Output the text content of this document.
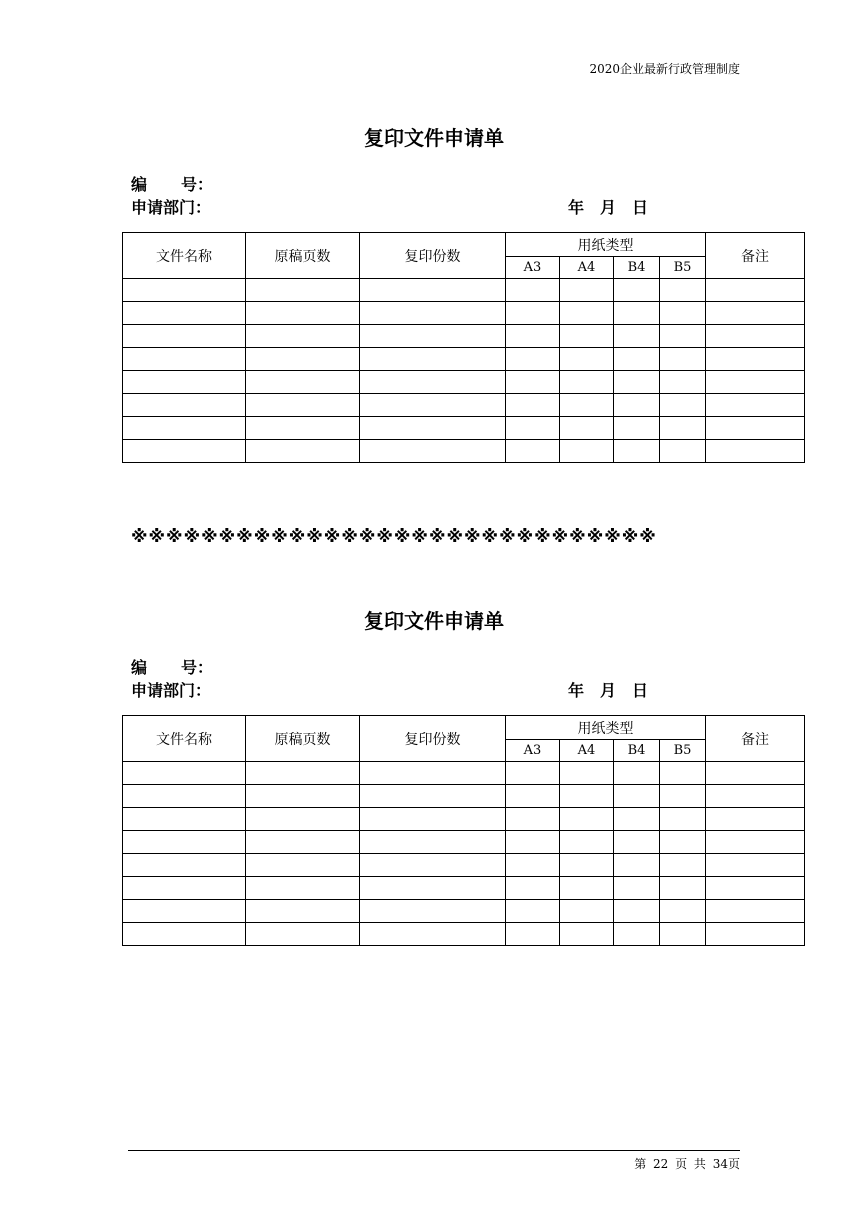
2020企业最新行政管理制度
复印文件申请单
编 号：
申请部门：	年 月 日
文件名称	原稿页数	复印份数	用纸类型				备注
			A3	A4	B4	B5	

※※※※※※※※※※※※※※※※※※※※※※※※※※※※※※
复印文件申请单
编 号：
申请部门：	年 月 日
文件名称	原稿页数	复印份数	用纸类型				备注
			A3	A4	B4	B5	

第 22 页 共 34页
